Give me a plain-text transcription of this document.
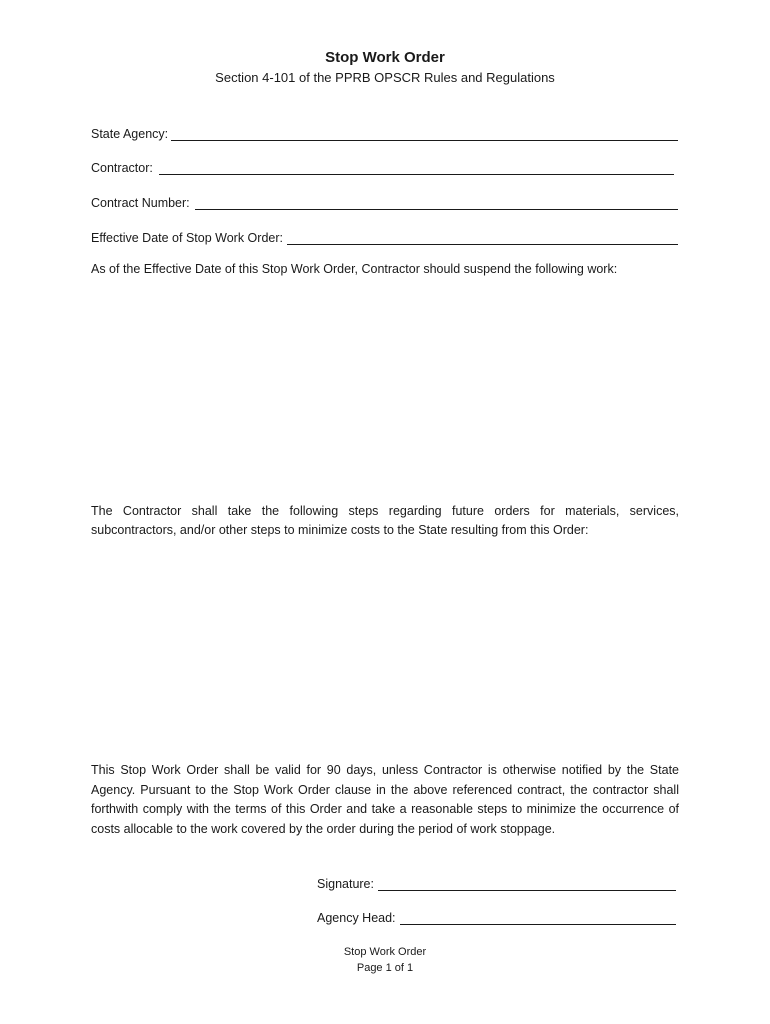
Stop Work Order
Section 4-101 of the PPRB OPSCR Rules and Regulations
State Agency:
Contractor:
Contract Number:
Effective Date of Stop Work Order:
As of the Effective Date of this Stop Work Order, Contractor should suspend the following work:
The Contractor shall take the following steps regarding future orders for materials, services, subcontractors, and/or other steps to minimize costs to the State resulting from this Order:
This Stop Work Order shall be valid for 90 days, unless Contractor is otherwise notified by the State Agency. Pursuant to the Stop Work Order clause in the above referenced contract, the contractor shall forthwith comply with the terms of this Order and take a reasonable steps to minimize the occurrence of costs allocable to the work covered by the order during the period of work stoppage.
Signature:
Agency Head:
Stop Work Order
Page 1 of 1
